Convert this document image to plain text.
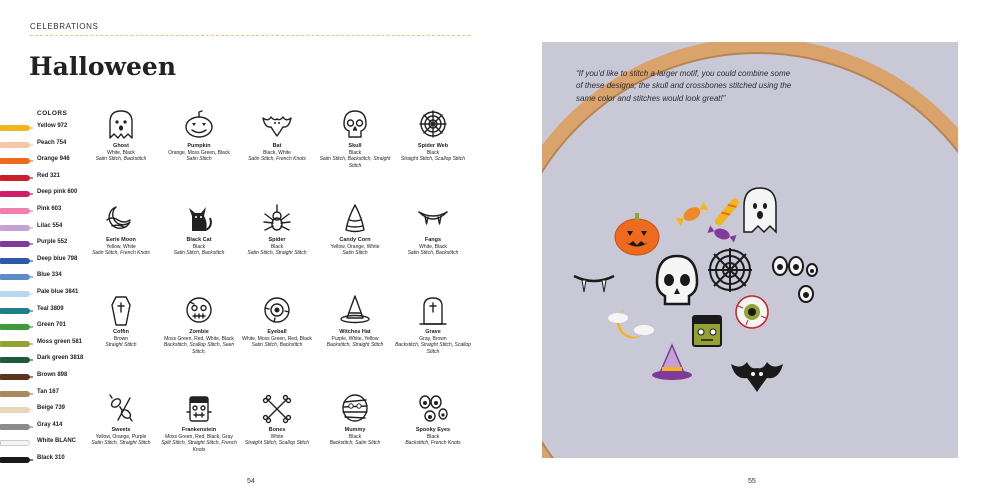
CELEBRATIONS
Halloween
COLORS
Yellow 972
Peach 754
Orange 946
Red 321
Deep pink 600
Pink 603
Lilac 554
Purple 552
Deep blue 798
Blue 334
Pale blue 3841
Teal 3809
Green 701
Moss green 581
Dark green 3818
Brown 898
Tan 167
Beige 739
Gray 414
White BLANC
Black 310
Ghost
White, Black
Satin Stitch, Backstitch
Pumpkin
Orange, Moss Green, Black
Satin Stitch
Bat
Black, White
Satin Stitch, French Knots
Skull
Black
Satin Stitch, Backstitch, Straight Stitch
Spider Web
Black
Straight Stitch, Scallop Stitch
Eerie Moon
Yellow, White
Satin Stitch, French Knots
Black Cat
Black
Satin Stitch, Backstitch
Spider
Black
Satin Stitch, Straight Stitch
Candy Corn
Yellow, Orange, White
Satin Stitch
Fangs
White, Black
Satin Stitch, Backstitch
Coffin
Brown
Straight Stitch
Zombie
Moss Green, Red, White, Black
Backstitch, Scallop Stitch, Seen Stitch,
Eyeball
White, Moss Green, Red, Black
Satin Stitch, Backstitch
Witches Hat
Purple, White, Yellow
Backstitch, Straight Stitch
Grave
Gray, Brown
Backstitch, Straight Stitch, Scallop Stitch
Sweets
Yellow, Orange, Purple
Satin Stitch, Straight Stitch
Frankenstein
Moss Green, Red, Black, Gray
Split Stitch, Straight Stitch, French Knots
Bones
White
Straight Stitch, Scallop Stitch
Mummy
Black
Backstitch, Satin Stitch
Spooky Eyes
Black
Backstitch, French Knots
54
“If you'd like to stitch a larger motif, you could combine some of these designs; the skull and crossbones stitched using the same color and stitches would look great!”
55
